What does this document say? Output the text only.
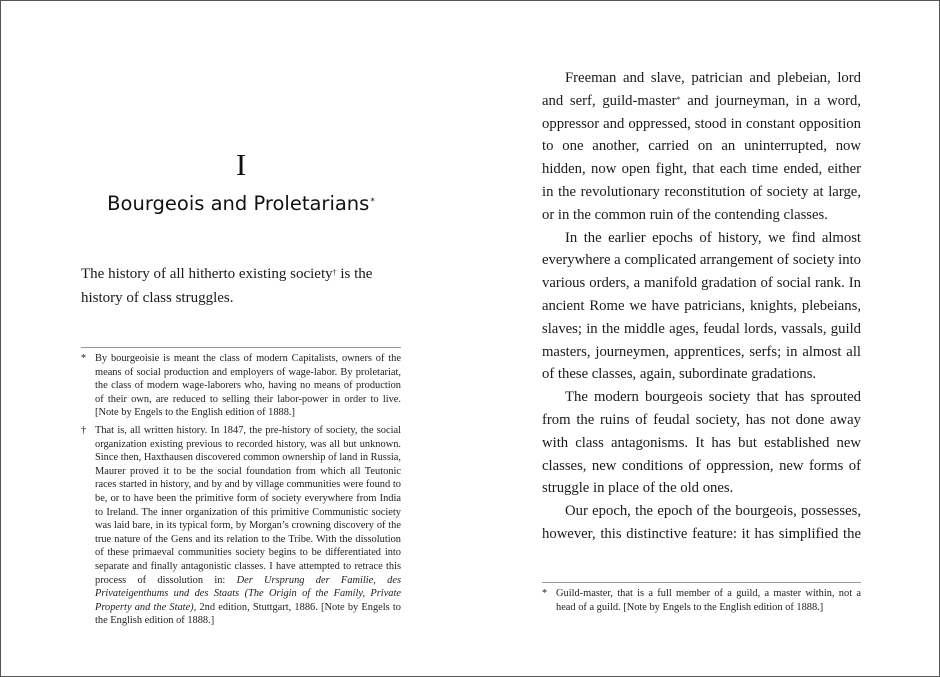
I
Bourgeois and Proletarians*
The history of all hitherto existing society† is the history of class struggles.
* By bourgeoisie is meant the class of modern Capitalists, owners of the means of social production and employers of wage-labor. By proletariat, the class of modern wage-laborers who, having no means of production of their own, are reduced to selling their labor-power in order to live. [Note by Engels to the English edition of 1888.]
† That is, all written history. In 1847, the pre-history of society, the social organization existing previous to recorded history, was all but unknown. Since then, Haxthausen discovered common ownership of land in Russia, Maurer proved it to be the social foundation from which all Teutonic races started in history, and by and by village communities were found to be, or to have been the primitive form of society everywhere from India to Ireland. The inner organization of this primitive Communistic society was laid bare, in its typical form, by Morgan’s crowning discovery of the true nature of the Gens and its relation to the Tribe. With the dissolution of these primaeval communities society begins to be differentiated into separate and finally antagonistic classes. I have attempted to retrace this process of dissolution in: Der Ursprung der Familie, des Privateigenthums und des Staats (The Origin of the Family, Private Property and the State), 2nd edition, Stuttgart, 1886. [Note by Engels to the English edition of 1888.]

Freeman and slave, patrician and plebeian, lord and serf, guild-master* and journeyman, in a word, oppressor and oppressed, stood in constant opposition to one another, carried on an uninterrupted, now hidden, now open fight, that each time ended, either in the revolutionary reconstitution of society at large, or in the common ruin of the contending classes.

In the earlier epochs of history, we find almost everywhere a complicated arrangement of society into various orders, a manifold gradation of social rank. In ancient Rome we have patricians, knights, plebeians, slaves; in the middle ages, feudal lords, vassals, guild masters, journeymen, apprentices, serfs; in almost all of these classes, again, subordinate gradations.

The modern bourgeois society that has sprouted from the ruins of feudal society, has not done away with class antagonisms. It has but established new classes, new conditions of oppression, new forms of struggle in place of the old ones.

Our epoch, the epoch of the bourgeois, possesses, however, this distinctive feature: it has simplified the

* Guild-master, that is a full member of a guild, a master within, not a head of a guild. [Note by Engels to the English edition of 1888.]
